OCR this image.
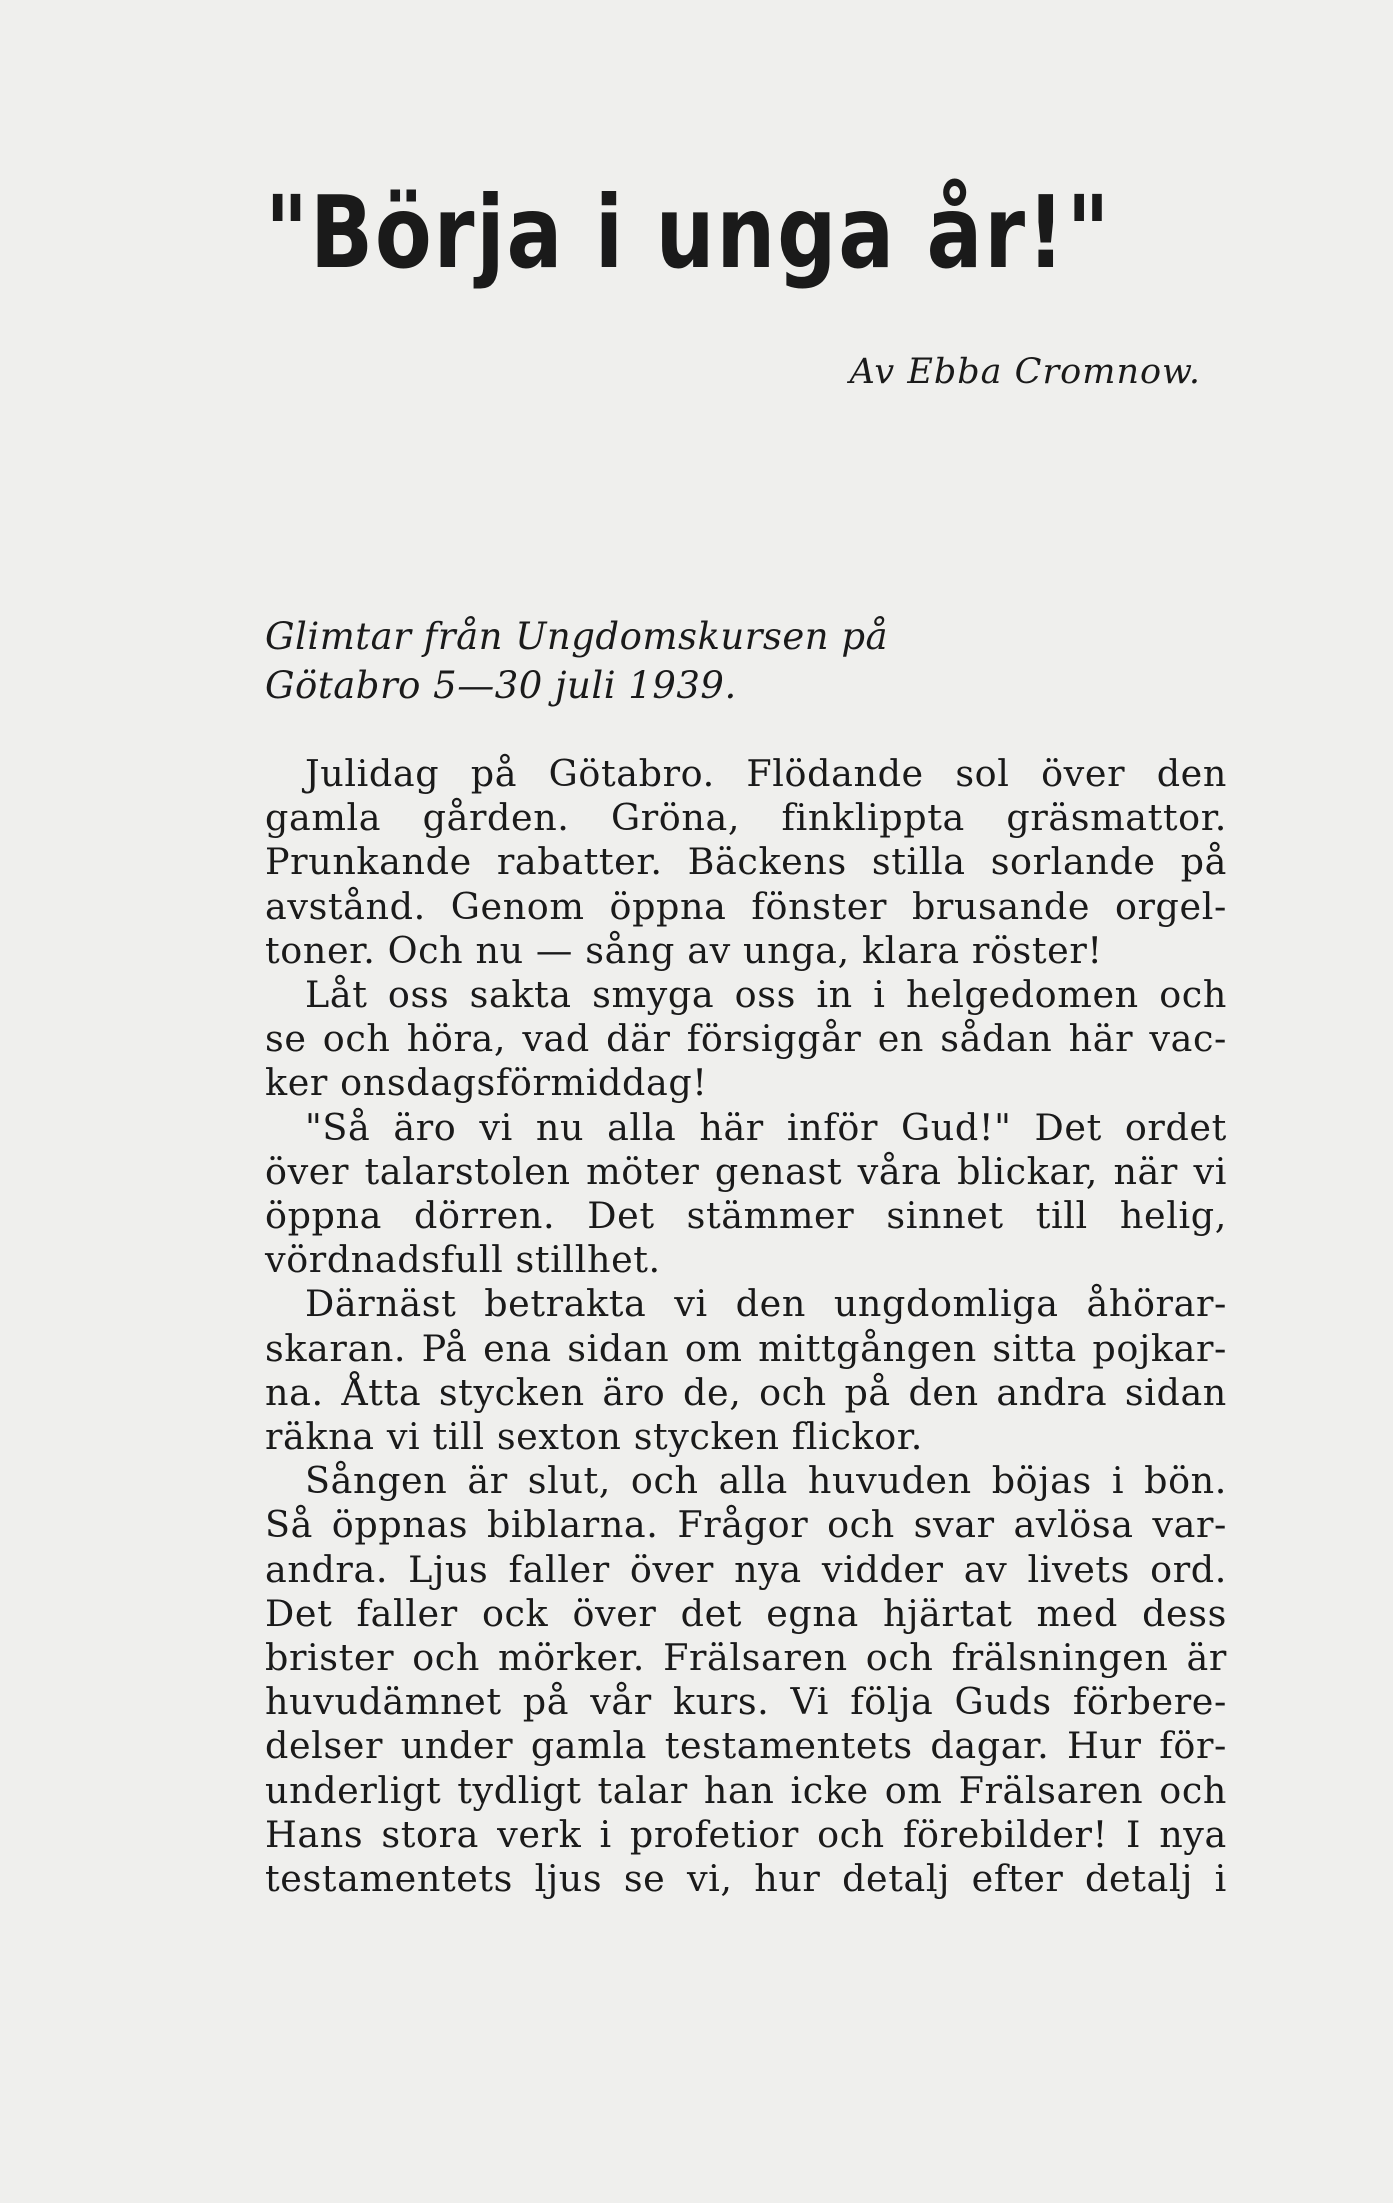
"Börja i unga år!"
Av Ebba Cromnow.
Glimtar från Ungdomskursen på
Götabro 5—30 juli 1939.
Julidag på Götabro. Flödande sol över den
gamla gården. Gröna, finklippta gräsmattor.
Prunkande rabatter. Bäckens stilla sorlande på
avstånd. Genom öppna fönster brusande orgel-
toner.
Och
nu
—
sång
av
unga,
klara
röster!

Låt oss sakta smyga oss in i helgedomen och
se och höra, vad där försiggår en sådan här vac-
ker
onsdagsförmiddag!

"Så äro vi nu alla här inför Gud!" Det ordet
över talarstolen möter genast våra blickar, när vi
öppna dörren. Det stämmer sinnet till helig,
vördnadsfull
stillhet.

Därnäst betrakta vi den ungdomliga åhörar-
skaran. På ena sidan om mittgången sitta pojkar-
na. Åtta stycken äro de, och på den andra sidan
räkna
vi
till
sexton
stycken
flickor.

Sången är slut, och alla huvuden böjas i bön.
Så öppnas biblarna. Frågor och svar avlösa var-
andra. Ljus faller över nya vidder av livets ord.
Det faller ock över det egna hjärtat med dess
brister och mörker. Frälsaren och frälsningen är
huvudämnet på vår kurs. Vi följa Guds förbere-
delser under gamla testamentets dagar. Hur för-
underligt tydligt talar han icke om Frälsaren och
Hans stora verk i profetior och förebilder! I nya
testamentets ljus se vi, hur detalj efter detalj i
